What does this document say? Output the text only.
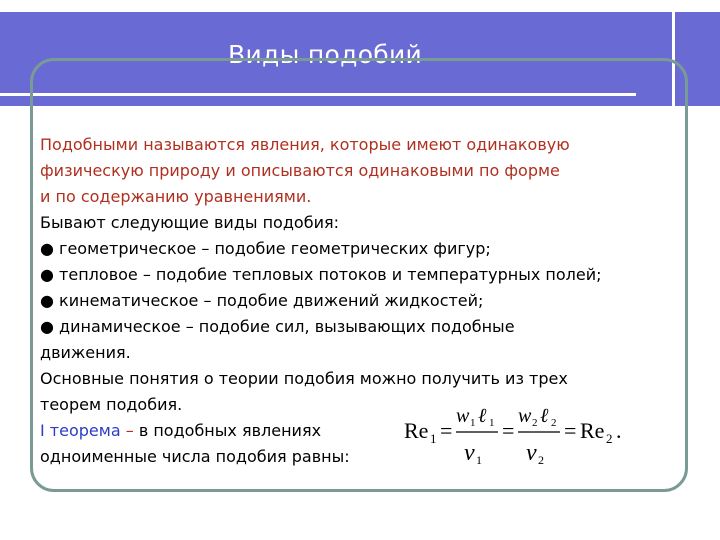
Виды подобий
Подобными называются явления, которые имеют одинаковую
физическую природу и описываются одинаковыми по форме
и по содержанию уравнениями.
Бывают следующие виды подобия:
● геометрическое – подобие геометрических фигур;
● тепловое – подобие тепловых потоков и температурных полей;
● кинематическое – подобие движений жидкостей;
● динамическое – подобие сил, вызывающих подобные
движения.
Основные понятия о теории подобия можно получить из трех
теорем подобия.
I теорема – в подобных явлениях
одноименные числа подобия равны:
Re 1 =
w 1 ℓ 1
ν 1
=
w 2 ℓ 2
ν 2
= Re 2 .
